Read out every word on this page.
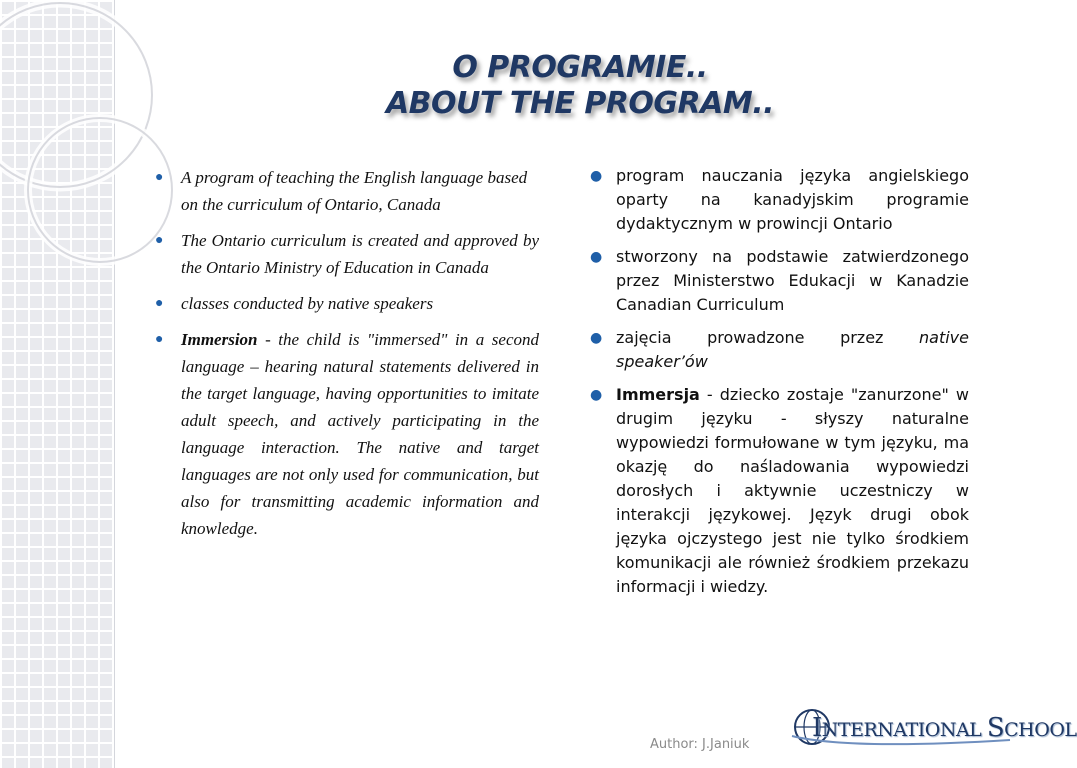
O PROGRAMIE..
ABOUT THE PROGRAM..
● A program of teaching the English language based on the curriculum of Ontario, Canada
● The Ontario curriculum is created and approved by the Ontario Ministry of Education in Canada
● classes conducted by native speakers
● Immersion - the child is "immersed" in a second language – hearing natural statements delivered in the target language, having opportunities to imitate adult speech, and actively participating in the language interaction. The native and target languages are not only used for communication, but also for transmitting academic information and knowledge.
● program nauczania języka angielskiego oparty na kanadyjskim programie dydaktycznym w prowincji Ontario
● stworzony na podstawie zatwierdzonego przez Ministerstwo Edukacji w Kanadzie Canadian Curriculum
● zajęcia prowadzone przez native speaker’ów
● Immersja - dziecko zostaje "zanurzone" w drugim języku - słyszy naturalne wypowiedzi formułowane w tym języku, ma okazję do naśladowania wypowiedzi dorosłych i aktywnie uczestniczy w interakcji językowej. Język drugi obok języka ojczystego jest nie tylko środkiem komunikacji ale również środkiem przekazu informacji i wiedzy.
Author: J.Janiuk
INTERNATIONAL SCHOOL
